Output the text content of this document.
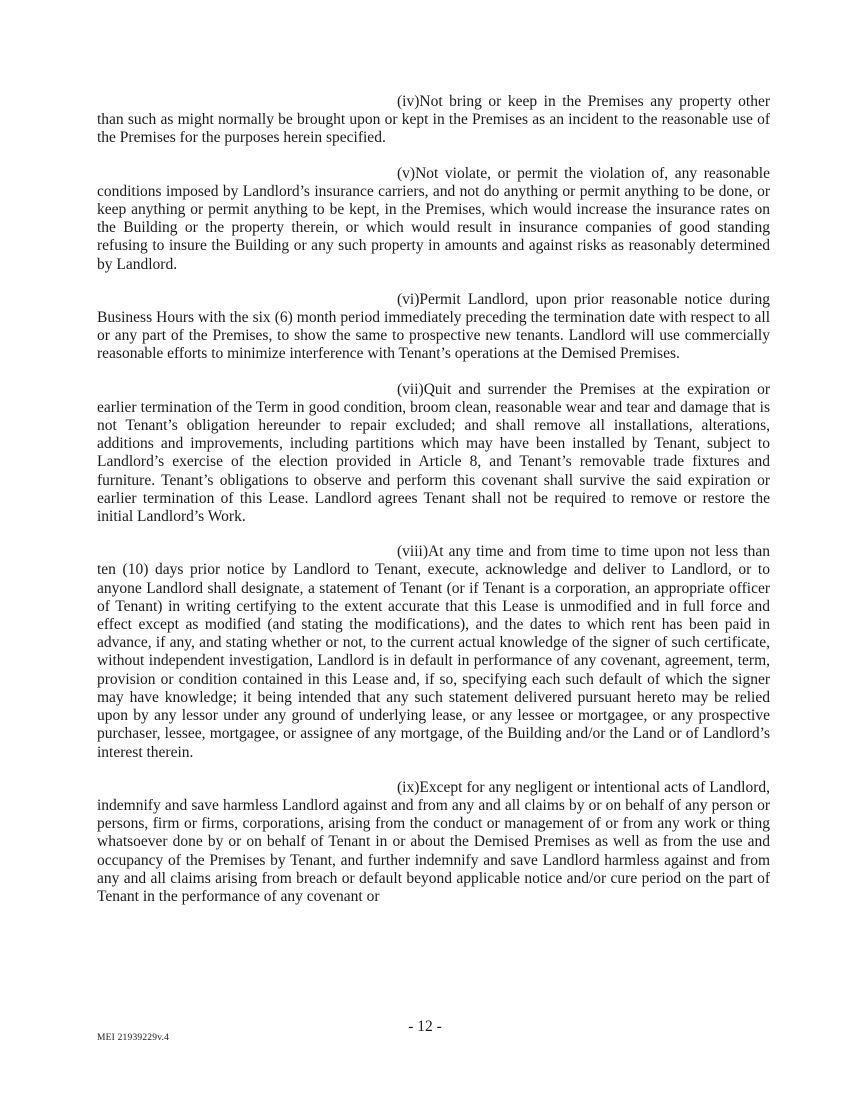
(iv)Not bring or keep in the Premises any property other than such as might normally be brought upon or kept in the Premises as an incident to the reasonable use of the Premises for the purposes herein specified.

(v)Not violate, or permit the violation of, any reasonable conditions imposed by Landlord’s insurance carriers, and not do anything or permit anything to be done, or keep anything or permit anything to be kept, in the Premises, which would increase the insurance rates on the Building or the property therein, or which would result in insurance companies of good standing refusing to insure the Building or any such property in amounts and against risks as reasonably determined by Landlord.

(vi)Permit Landlord, upon prior reasonable notice during Business Hours with the six (6) month period immediately preceding the termination date with respect to all or any part of the Premises, to show the same to prospective new tenants. Landlord will use commercially reasonable efforts to minimize interference with Tenant’s operations at the Demised Premises.

(vii)Quit and surrender the Premises at the expiration or earlier termination of the Term in good condition, broom clean, reasonable wear and tear and damage that is not Tenant’s obligation hereunder to repair excluded; and shall remove all installations, alterations, additions and improvements, including partitions which may have been installed by Tenant, subject to Landlord’s exercise of the election provided in Article 8, and Tenant’s removable trade fixtures and furniture. Tenant’s obligations to observe and perform this covenant shall survive the said expiration or earlier termination of this Lease. Landlord agrees Tenant shall not be required to remove or restore the initial Landlord’s Work.

(viii)At any time and from time to time upon not less than ten (10) days prior notice by Landlord to Tenant, execute, acknowledge and deliver to Landlord, or to anyone Landlord shall designate, a statement of Tenant (or if Tenant is a corporation, an appropriate officer of Tenant) in writing certifying to the extent accurate that this Lease is unmodified and in full force and effect except as modified (and stating the modifications), and the dates to which rent has been paid in advance, if any, and stating whether or not, to the current actual knowledge of the signer of such certificate, without independent investigation, Landlord is in default in performance of any covenant, agreement, term, provision or condition contained in this Lease and, if so, specifying each such default of which the signer may have knowledge; it being intended that any such statement delivered pursuant hereto may be relied upon by any lessor under any ground of underlying lease, or any lessee or mortgagee, or any prospective purchaser, lessee, mortgagee, or assignee of any mortgage, of the Building and/or the Land or of Landlord’s interest therein.

(ix)Except for any negligent or intentional acts of Landlord, indemnify and save harmless Landlord against and from any and all claims by or on behalf of any person or persons, firm or firms, corporations, arising from the conduct or management of or from any work or thing whatsoever done by or on behalf of Tenant in or about the Demised Premises as well as from the use and occupancy of the Premises by Tenant, and further indemnify and save Landlord harmless against and from any and all claims arising from breach or default beyond applicable notice and/or cure period on the part of Tenant in the performance of any covenant or

- 12 -
MEI 21939229v.4
